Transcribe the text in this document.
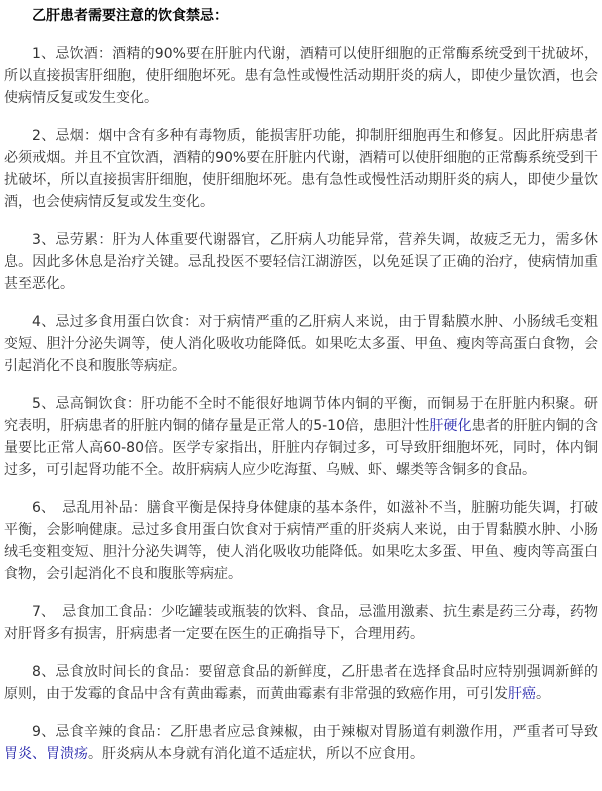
乙肝患者需要注意的饮食禁忌：

1、忌饮酒：酒精的90%要在肝脏内代谢，酒精可以使肝细胞的正常酶系统受到干扰破坏，所以直接损害肝细胞，使肝细胞坏死。患有急性或慢性活动期肝炎的病人，即使少量饮酒，也会使病情反复或发生变化。

2、忌烟：烟中含有多种有毒物质，能损害肝功能，抑制肝细胞再生和修复。因此肝病患者必须戒烟。并且不宜饮酒，酒精的90%要在肝脏内代谢，酒精可以使肝细胞的正常酶系统受到干扰破坏，所以直接损害肝细胞，使肝细胞坏死。患有急性或慢性活动期肝炎的病人，即使少量饮酒，也会使病情反复或发生变化。

3、忌劳累：肝为人体重要代谢器官，乙肝病人功能异常，营养失调，故疲乏无力，需多休息。因此多休息是治疗关键。忌乱投医不要轻信江湖游医，以免延误了正确的治疗，使病情加重甚至恶化。

4、忌过多食用蛋白饮食：对于病情严重的乙肝病人来说，由于胃黏膜水肿、小肠绒毛变粗变短、胆汁分泌失调等，使人消化吸收功能降低。如果吃太多蛋、甲鱼、瘦肉等高蛋白食物，会引起消化不良和腹胀等病症。

5、忌高铜饮食：肝功能不全时不能很好地调节体内铜的平衡，而铜易于在肝脏内积聚。研究表明，肝病患者的肝脏内铜的储存量是正常人的5-10倍，患胆汁性肝硬化患者的肝脏内铜的含量要比正常人高60-80倍。医学专家指出，肝脏内存铜过多，可导致肝细胞坏死，同时，体内铜过多，可引起肾功能不全。故肝病病人应少吃海蜇、乌贼、虾、螺类等含铜多的食品。

6、　忌乱用补品：膳食平衡是保持身体健康的基本条件，如滋补不当，脏腑功能失调，打破平衡，会影响健康。忌过多食用蛋白饮食对于病情严重的肝炎病人来说，由于胃黏膜水肿、小肠绒毛变粗变短、胆汁分泌失调等，使人消化吸收功能降低。如果吃太多蛋、甲鱼、瘦肉等高蛋白食物，会引起消化不良和腹胀等病症。

7、　忌食加工食品：少吃罐装或瓶装的饮料、食品，忌滥用激素、抗生素是药三分毒，药物对肝肾多有损害，肝病患者一定要在医生的正确指导下，合理用药。

8、忌食放时间长的食品：要留意食品的新鲜度，乙肝患者在选择食品时应特别强调新鲜的原则，由于发霉的食品中含有黄曲霉素，而黄曲霉素有非常强的致癌作用，可引发肝癌。

9、忌食辛辣的食品：乙肝患者应忌食辣椒，由于辣椒对胃肠道有刺激作用，严重者可导致胃炎、胃溃疡。肝炎病从本身就有消化道不适症状，所以不应食用。
